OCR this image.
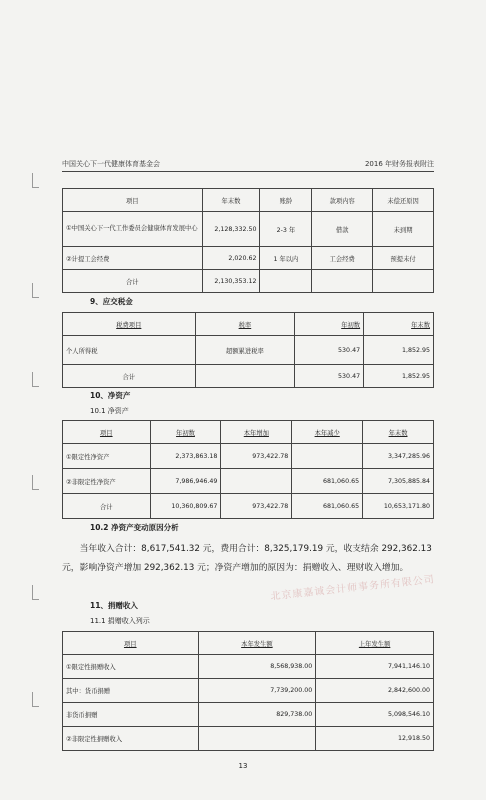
中国关心下一代健康体育基金会	2016 年财务报表附注
项目	年末数	账龄	款项内容	未偿还原因
①中国关心下一代工作委员会健康体育发展中心	2,128,332.50	2-3 年	借款	未到期
②计提工会经费	2,020.62	1 年以内	工会经费	预提未付
合计	2,130,353.12			
9、应交税金
税费项目	税率	年初数	年末数
个人所得税	超额累进税率	530.47	1,852.95
合计		530.47	1,852.95
10、净资产
10.1 净资产
项目	年初数	本年增加	本年减少	年末数
①限定性净资产	2,373,863.18	973,422.78		3,347,285.96
②非限定性净资产	7,986,946.49		681,060.65	7,305,885.84
合计	10,360,809.67	973,422.78	681,060.65	10,653,171.80
10.2 净资产变动原因分析
当年收入合计：8,617,541.32 元，费用合计：8,325,179.19 元，收支结余 292,362.13 元，影响净资产增加 292,362.13 元；净资产增加的原因为：捐赠收入、理财收入增加。
北京康嘉诚会计师事务所有限公司
11、捐赠收入
11.1 捐赠收入列示
项目	本年发生额	上年发生额
①限定性捐赠收入	8,568,938.00	7,941,146.10
其中：货币捐赠	7,739,200.00	2,842,600.00
非货币捐赠	829,738.00	5,098,546.10
②非限定性捐赠收入		12,918.50
13
